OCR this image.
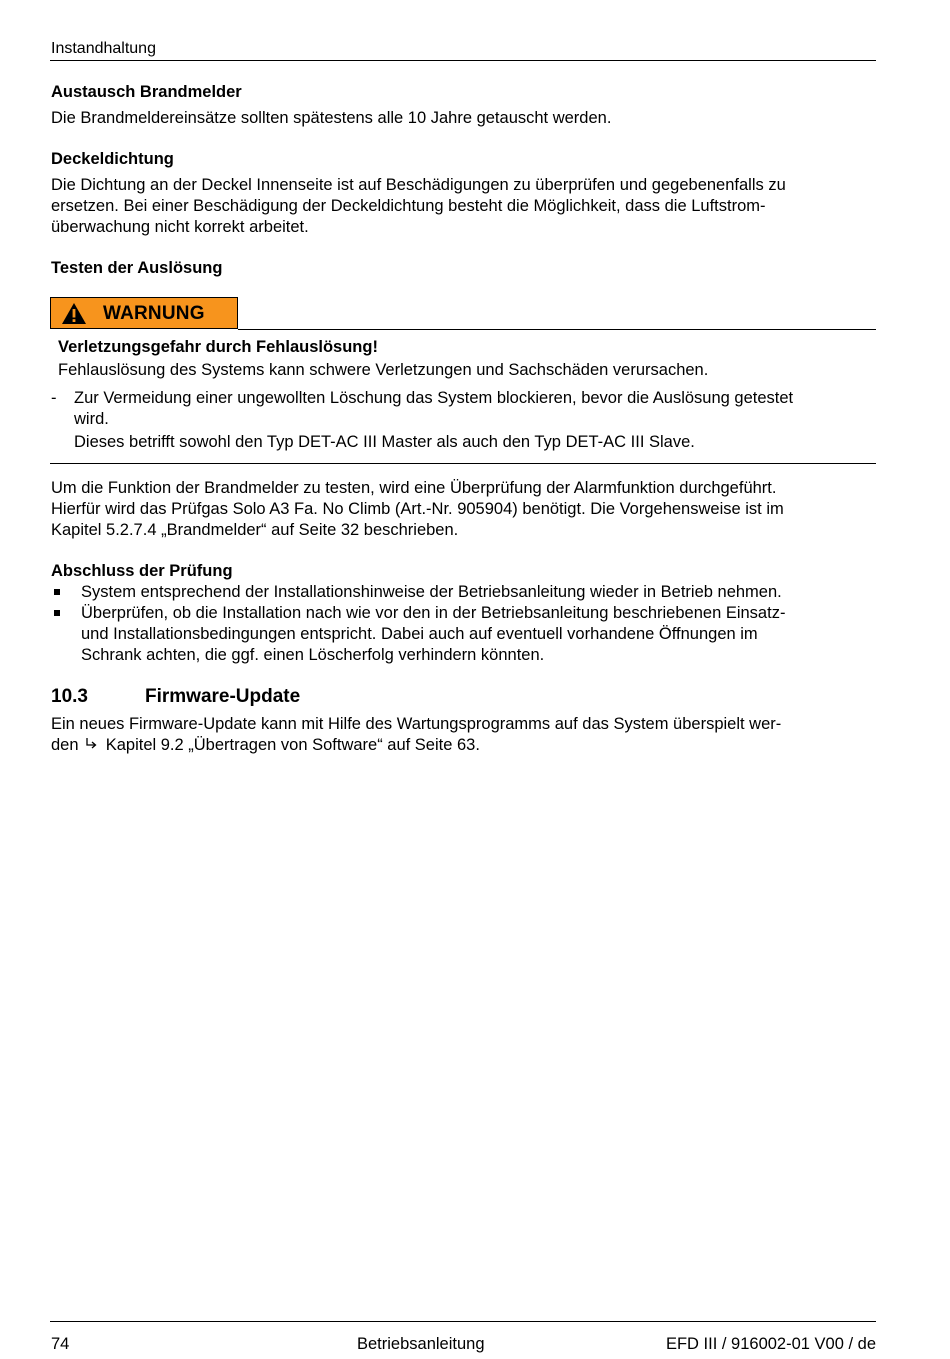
Instandhaltung
Austausch Brandmelder

Die Brandmeldereinsätze sollten spätestens alle 10 Jahre getauscht werden.

Deckeldichtung

Die Dichtung an der Deckel Innenseite ist auf Beschädigungen zu überprüfen und gegebenenfalls zu
ersetzen. Bei einer Beschädigung der Deckeldichtung besteht die Möglichkeit, dass die Luftstrom-
überwachung nicht korrekt arbeitet.

Testen der Auslösung
WARNUNG
Verletzungsgefahr durch Fehlauslösung!
Fehlauslösung des Systems kann schwere Verletzungen und Sachschäden verursachen.
- Zur Vermeidung einer ungewollten Löschung das System blockieren, bevor die Auslösung getestet
wird.
Dieses betrifft sowohl den Typ DET-AC III Master als auch den Typ DET-AC III Slave.

Um die Funktion der Brandmelder zu testen, wird eine Überprüfung der Alarmfunktion durchgeführt.
Hierfür wird das Prüfgas Solo A3 Fa. No Climb (Art.-Nr. 905904) benötigt. Die Vorgehensweise ist im
Kapitel 5.2.7.4 „Brandmelder“ auf Seite 32 beschrieben.

Abschluss der Prüfung
System entsprechend der Installationshinweise der Betriebsanleitung wieder in Betrieb nehmen.
Überprüfen, ob die Installation nach wie vor den in der Betriebsanleitung beschriebenen Einsatz-
und Installationsbedingungen entspricht. Dabei auch auf eventuell vorhandene Öffnungen im
Schrank achten, die ggf. einen Löscherfolg verhindern könnten.
10.3	Firmware-Update

Ein neues Firmware-Update kann mit Hilfe des Wartungsprogramms auf das System überspielt wer-
den Kapitel 9.2 „Übertragen von Software“ auf Seite 63.

74	Betriebsanleitung	EFD III / 916002-01 V00 / de
